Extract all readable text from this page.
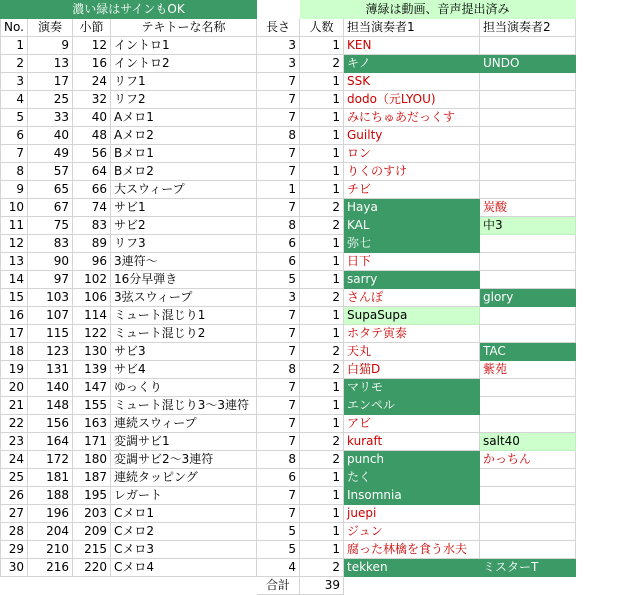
濃い緑はサインもOK					薄緑は動画、音声提出済み		
No.	演奏	小節	テキトーな名称	長さ	人数	担当演奏者1	担当演奏者2
1	9	12	イントロ1	3	1	KEN	
2	13	16	イントロ2	3	2	キノ	UNDO
3	17	24	リフ1	7	1	SSK	
4	25	32	リフ2	7	1	dodo（元LYOU)	
5	33	40	Aメロ1	7	1	みにちゅあだっくす	
6	40	48	Aメロ2	8	1	Guilty	
7	49	56	Bメロ1	7	1	ロン	
8	57	64	Bメロ2	7	1	りくのすけ	
9	65	66	大スウィープ	1	1	チビ	
10	67	74	サビ1	7	2	Haya	炭酸
11	75	83	サビ2	8	2	KAL	中3
12	83	89	リフ3	6	1	弥七	
13	90	96	3連符～	6	1	日下	
14	97	102	16分早弾き	5	1	sarry	
15	103	106	3弦スウィープ	3	2	さんぽ	glory
16	107	114	ミュート混じり1	7	1	SupaSupa	
17	115	122	ミュート混じり2	7	1	ホタテ寅泰	
18	123	130	サビ3	7	2	天丸	TAC
19	131	139	サビ4	8	2	白猫D	紫苑
20	140	147	ゆっくり	7	1	マリモ	
21	148	155	ミュート混じり3～3連符	7	1	エンペル	
22	156	163	連続スウィープ	7	1	アビ	
23	164	171	変調サビ1	7	2	kuraft	salt40
24	172	180	変調サビ2～3連符	8	2	punch	かっちん
25	181	187	連続タッピング	6	1	たく	
26	188	195	レガート	7	1	Insomnia	
27	196	203	Cメロ1	7	1	juepi	
28	204	209	Cメロ2	5	1	ジュン	
29	210	215	Cメロ3	5	1	腐った林檎を食う水夫	
30	216	220	Cメロ4	4	2	tekken	ミスターT
				合計	39		
